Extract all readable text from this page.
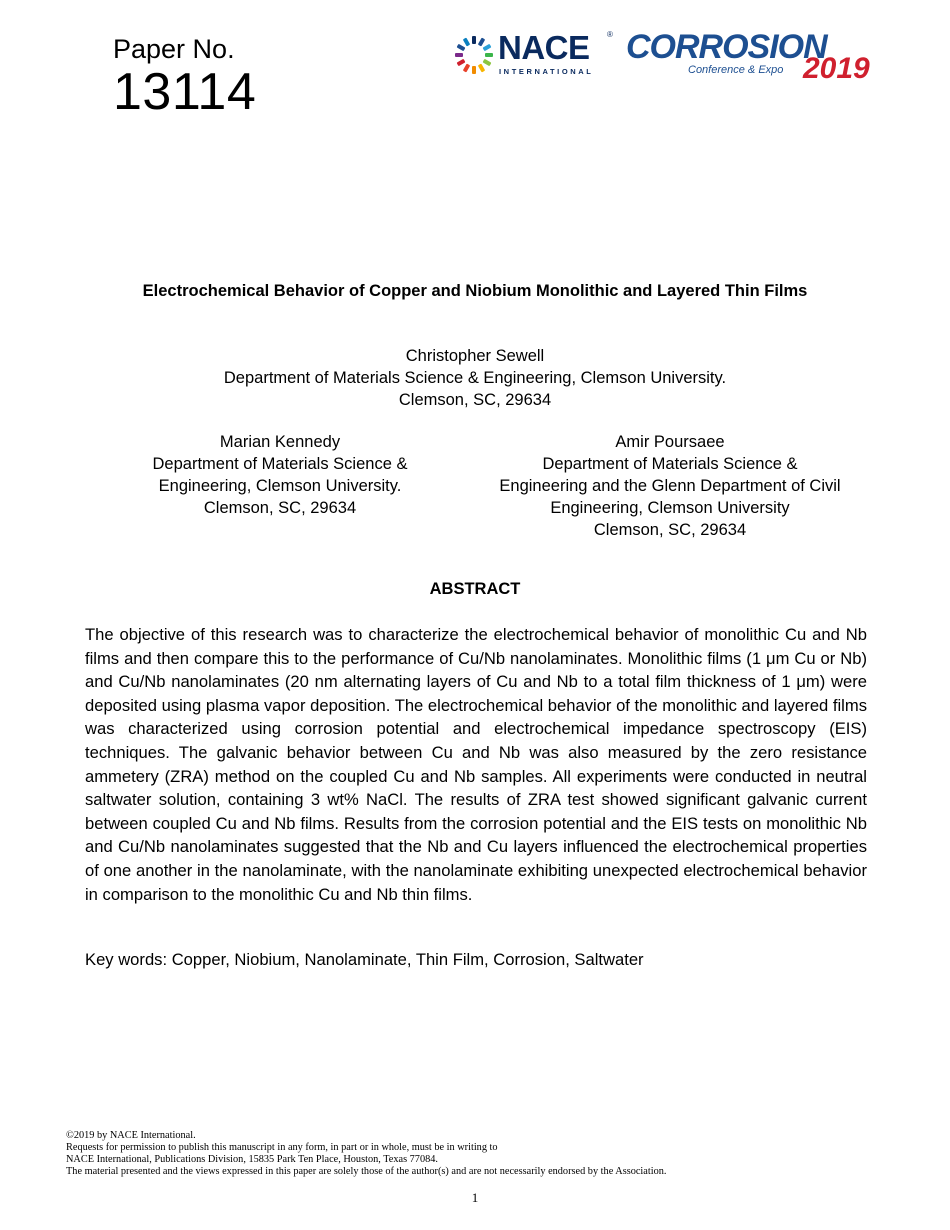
Paper No.
13114
NACE ®
INTERNATIONAL
CORROSION
Conference & Expo 2019
Electrochemical Behavior of Copper and Niobium Monolithic and Layered Thin Films
Christopher Sewell
Department of Materials Science & Engineering, Clemson University.
Clemson, SC, 29634
Marian Kennedy
Department of Materials Science &
Engineering, Clemson University.
Clemson, SC, 29634
Amir Poursaee
Department of Materials Science &
Engineering and the Glenn Department of Civil
Engineering, Clemson University
Clemson, SC, 29634
ABSTRACT

The objective of this research was to characterize the electrochemical behavior of monolithic Cu and Nb films and then compare this to the performance of Cu/Nb nanolaminates. Monolithic films (1 μm Cu or Nb) and Cu/Nb nanolaminates (20 nm alternating layers of Cu and Nb to a total film thickness of 1 μm) were deposited using plasma vapor deposition. The electrochemical behavior of the monolithic and layered films was characterized using corrosion potential and electrochemical impedance spectroscopy (EIS) techniques. The galvanic behavior between Cu and Nb was also measured by the zero resistance ammetery (ZRA) method on the coupled Cu and Nb samples. All experiments were conducted in neutral saltwater solution, containing 3 wt% NaCl. The results of ZRA test showed significant galvanic current between coupled Cu and Nb films. Results from the corrosion potential and the EIS tests on monolithic Nb and Cu/Nb nanolaminates suggested that the Nb and Cu layers influenced the electrochemical properties of one another in the nanolaminate, with the nanolaminate exhibiting unexpected electrochemical behavior in comparison to the monolithic Cu and Nb thin films.

Key words: Copper, Niobium, Nanolaminate, Thin Film, Corrosion, Saltwater

©2019 by NACE International.
Requests for permission to publish this manuscript in any form, in part or in whole, must be in writing to
NACE International, Publications Division, 15835 Park Ten Place, Houston, Texas 77084.
The material presented and the views expressed in this paper are solely those of the author(s) and are not necessarily endorsed by the Association.
1
